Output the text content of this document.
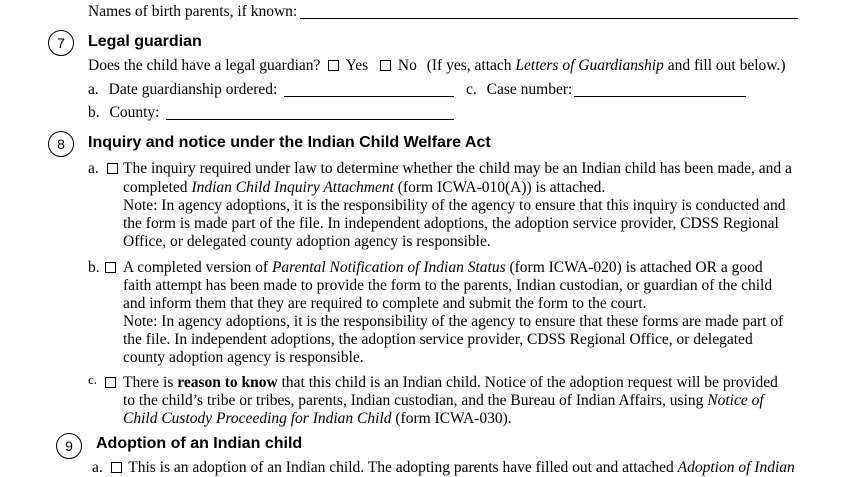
Names of birth parents, if known:
7	Legal guardian
Does the child have a legal guardian? Yes No (If yes, attach Letters of Guardianship and fill out below.)
a. Date guardianship ordered:	c. Case number:
b. County:
8	Inquiry and notice under the Indian Child Welfare Act
a.	The inquiry required under law to determine whether the child may be an Indian child has been made, and a
completed Indian Child Inquiry Attachment (form ICWA-010(A)) is attached.
Note: In agency adoptions, it is the responsibility of the agency to ensure that this inquiry is conducted and
the form is made part of the file. In independent adoptions, the adoption service provider, CDSS Regional
Office, or delegated county adoption agency is responsible.
b.	A completed version of Parental Notification of Indian Status (form ICWA-020) is attached OR a good
faith attempt has been made to provide the form to the parents, Indian custodian, or guardian of the child
and inform them that they are required to complete and submit the form to the court.
Note: In agency adoptions, it is the responsibility of the agency to ensure that these forms are made part of
the file. In independent adoptions, the adoption service provider, CDSS Regional Office, or delegated
county adoption agency is responsible.
c. There is reason to know that this child is an Indian child. Notice of the adoption request will be provided
to the child’s tribe or tribes, parents, Indian custodian, and the Bureau of Indian Affairs, using Notice of
Child Custody Proceeding for Indian Child (form ICWA-030).
9	Adoption of an Indian child
a. This is an adoption of an Indian child. The adopting parents have filled out and attached Adoption of Indian
